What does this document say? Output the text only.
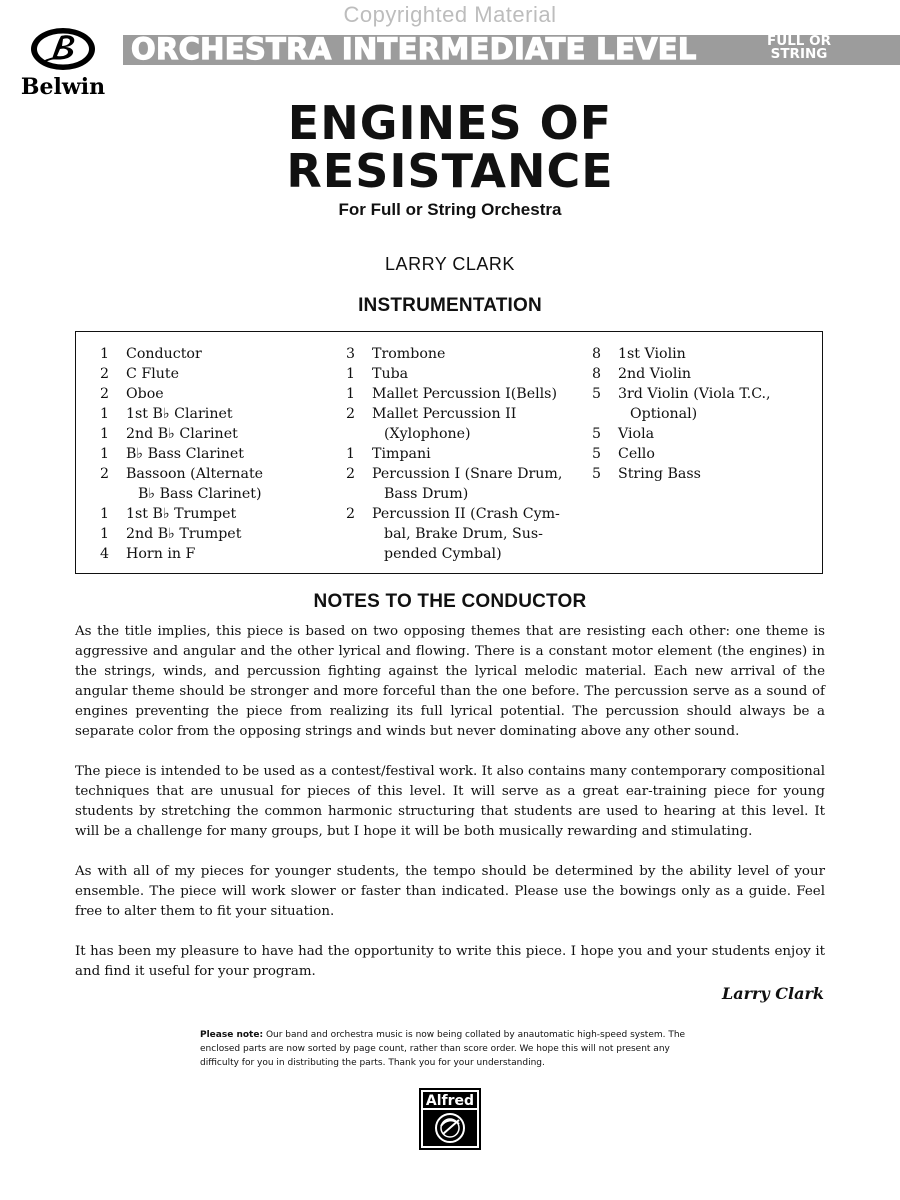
Copyrighted Material
Belwin
ORCHESTRA INTERMEDIATE LEVEL	FULL OR
STRING
ENGINES OF
RESISTANCE
For Full or String Orchestra
LARRY CLARK
INSTRUMENTATION
1	Conductor
2	C Flute
2	Oboe
1	1st B♭ Clarinet
1	2nd B♭ Clarinet
1	B♭ Bass Clarinet
2	Bassoon (Alternate
B♭ Bass Clarinet)
1	1st B♭ Trumpet
1	2nd B♭ Trumpet
4	Horn in F
3	Trombone
1	Tuba
1	Mallet Percussion I(Bells)
2	Mallet Percussion II
(Xylophone)
1	Timpani
2	Percussion I (Snare Drum,
Bass Drum)
2	Percussion II (Crash Cym-
bal, Brake Drum, Sus-
pended Cymbal)
8	1st Violin
8	2nd Violin
5	3rd Violin (Viola T.C.,
Optional)
5	Viola
5	Cello
5	String Bass
NOTES TO THE CONDUCTOR

As the title implies, this piece is based on two opposing themes that are resisting each other: one theme is aggressive and angular and the other lyrical and flowing. There is a constant motor element (the engines) in the strings, winds, and percussion fighting against the lyrical melodic material. Each new arrival of the angular theme should be stronger and more forceful than the one before. The percussion serve as a sound of engines preventing the piece from realizing its full lyrical potential. The percussion should always be a separate color from the opposing strings and winds but never dominating above any other sound.

The piece is intended to be used as a contest/festival work. It also contains many contemporary compositional techniques that are unusual for pieces of this level. It will serve as a great ear-training piece for young students by stretching the common harmonic structuring that students are used to hearing at this level. It will be a challenge for many groups, but I hope it will be both musically rewarding and stimulating.

As with all of my pieces for younger students, the tempo should be determined by the ability level of your ensemble. The piece will work slower or faster than indicated. Please use the bowings only as a guide. Feel free to alter them to fit your situation.

It has been my pleasure to have had the opportunity to write this piece. I hope you and your students enjoy it and find it useful for your program.

Larry Clark
Please note: Our band and orchestra music is now being collated by anautomatic high-speed system. The enclosed parts are now sorted by page count, rather than score order. We hope this will not present any difficulty for you in distributing the parts. Thank you for your understanding.
Alfred
